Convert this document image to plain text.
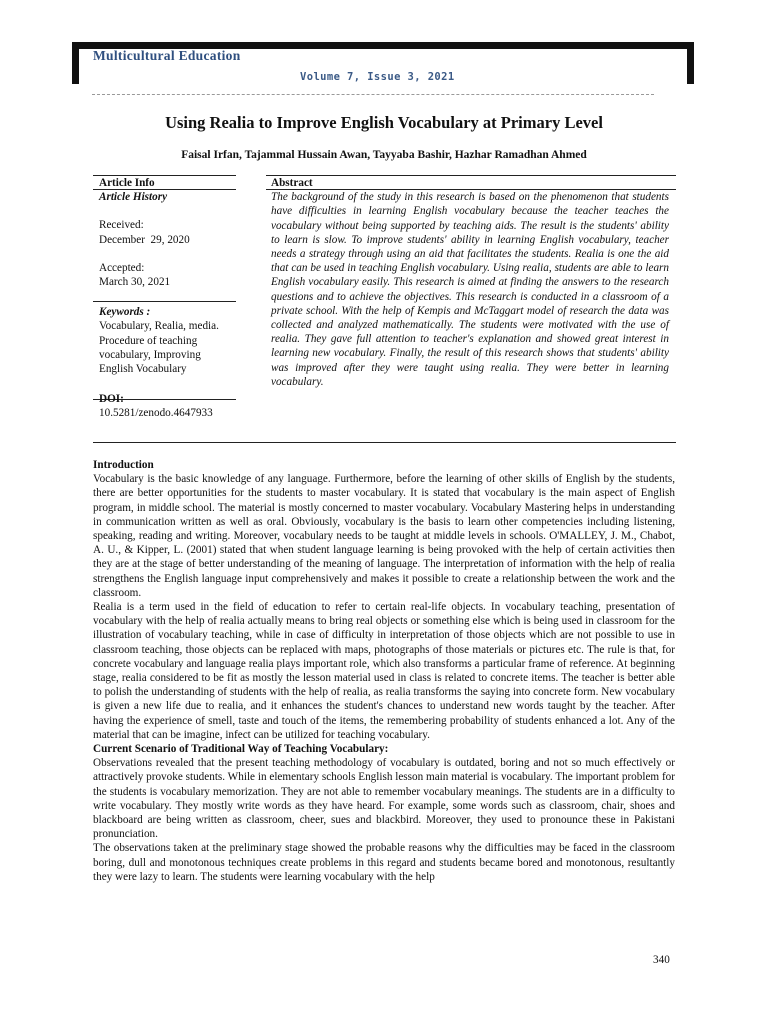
Multicultural Education
Volume 7, Issue 3, 2021
Using Realia to Improve English Vocabulary at Primary Level
Faisal Irfan, Tajammal Hussain Awan, Tayyaba Bashir, Hazhar Ramadhan Ahmed
Article Info
Article History
Received:
December  29, 2020
Accepted:
March 30, 2021
Keywords :
Vocabulary, Realia, media. Procedure of teaching vocabulary, Improving English Vocabulary
DOI:
10.5281/zenodo.4647933
Abstract
The background of the study in this research is based on the phenomenon that students have difficulties in learning English vocabulary because the teacher teaches the vocabulary without being supported by teaching aids. The result is the students' ability to learn is slow. To improve students' ability in learning English vocabulary, teacher needs a strategy through using an aid that facilitates the students. Realia is one the aid that can be used in teaching English vocabulary. Using realia, students are able to learn English vocabulary easily. This research is aimed at finding the answers to the research questions and to achieve the objectives. This research is conducted in a classroom of a private school. With the help of Kempis and McTaggart model of research the data was collected and analyzed mathematically. The students were motivated with the use of realia. They gave full attention to teacher's explanation and showed great interest in learning new vocabulary. Finally, the result of this research shows that students' ability was improved after they were taught using realia. They were better in learning vocabulary.

Introduction

Vocabulary is the basic knowledge of any language. Furthermore, before the learning of other skills of English by the students, there are better opportunities for the students to master vocabulary. It is stated that vocabulary is the main aspect of English program, in middle school. The material is mostly concerned to master vocabulary. Vocabulary Mastering helps in understanding in communication written as well as oral. Obviously, vocabulary is the basis to learn other competencies including listening, speaking, reading and writing. Moreover, vocabulary needs to be taught at middle levels in schools. O'MALLEY, J. M., Chabot, A. U., & Kipper, L. (2001) stated that when student language learning is being provoked with the help of certain activities then they are at the stage of better understanding of the meaning of language. The interpretation of information with the help of realia strengthens the English language input comprehensively and makes it possible to create a relationship between the work and the classroom.

Realia is a term used in the field of education to refer to certain real-life objects. In vocabulary teaching, presentation of vocabulary with the help of realia actually means to bring real objects or something else which is being used in classroom for the illustration of vocabulary teaching, while in case of difficulty in interpretation of those objects which are not possible to use in classroom teaching, those objects can be replaced with maps, photographs of those materials or pictures etc. The rule is that, for concrete vocabulary and language realia plays important role, which also transforms a particular frame of reference. At beginning stage, realia considered to be fit as mostly the lesson material used in class is related to concrete items. The teacher is better able to polish the understanding of students with the help of realia, as realia transforms the saying into concrete form. New vocabulary is given a new life due to realia, and it enhances the student's chances to understand new words taught by the teacher. After having the experience of smell, taste and touch of the items, the remembering probability of students enhanced a lot. Any of the material that can be imagine, infect can be utilized for teaching vocabulary.

Current Scenario of Traditional Way of Teaching Vocabulary:

Observations revealed that the present teaching methodology of vocabulary is outdated, boring and not so much effectively or attractively provoke students. While in elementary schools English lesson main material is vocabulary. The important problem for the students is vocabulary memorization. They are not able to remember vocabulary meanings. The students are in a difficulty to write vocabulary. They mostly write words as they have heard. For example, some words such as classroom, chair, shoes and blackboard are being written as classroom, cheer, sues and blackbird. Moreover, they used to pronounce these in Pakistani pronunciation.

The observations taken at the preliminary stage showed the probable reasons why the difficulties may be faced in the classroom boring, dull and monotonous techniques create problems in this regard and students became bored and monotonous, resultantly they were lazy to learn. The students were learning vocabulary with the help

340
